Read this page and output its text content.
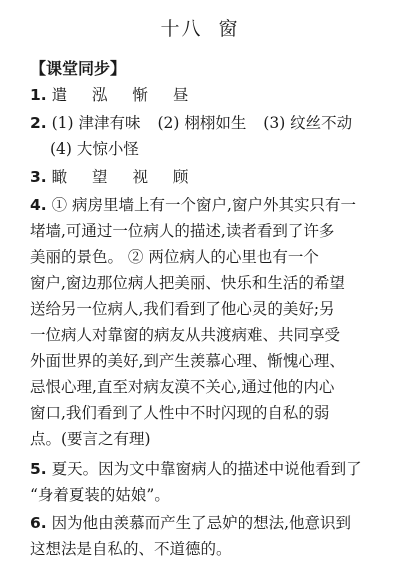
十八  窗
【课堂同步】
1. 遣 泓 惭 昼
2. (1) 津津有味 (2) 栩栩如生 (3) 纹丝不动
(4) 大惊小怪
3. 瞰 望 视 顾
4. ① 病房里墙上有一个窗户,窗户外其实只有一
堵墙,可通过一位病人的描述,读者看到了许多
美丽的景色。 ② 两位病人的心里也有一个
窗户,窗边那位病人把美丽、快乐和生活的希望
送给另一位病人,我们看到了他心灵的美好;另
一位病人对靠窗的病友从共渡病难、共同享受
外面世界的美好,到产生羡慕心理、惭愧心理、
忌恨心理,直至对病友漠不关心,通过他的内心
窗口,我们看到了人性中不时闪现的自私的弱
点。(要言之有理)
5. 夏天。因为文中靠窗病人的描述中说他看到了
“身着夏装的姑娘”。
6. 因为他由羡慕而产生了忌妒的想法,他意识到
这想法是自私的、不道德的。
